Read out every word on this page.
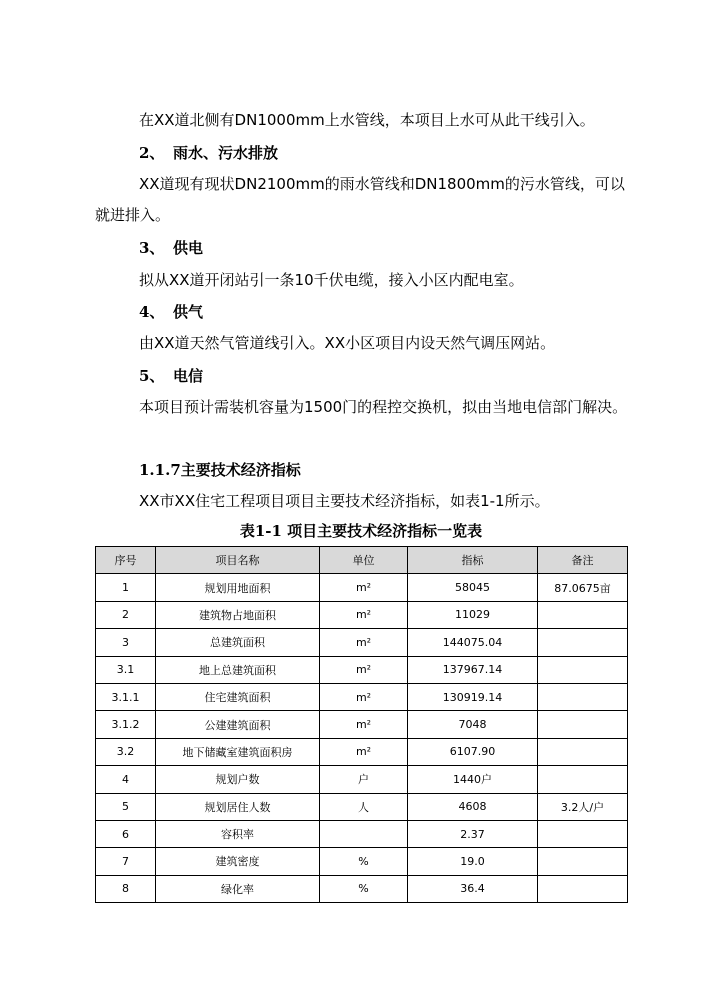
在XX道北侧有DN1000mm上水管线，本项目上水可从此干线引入。

2、 雨水、污水排放

XX道现有现状DN2100mm的雨水管线和DN1800mm的污水管线，可以就进排入。

3、 供电

拟从XX道开闭站引一条10千伏电缆，接入小区内配电室。

4、 供气

由XX道天然气管道线引入。XX小区项目内设天然气调压网站。

5、 电信

本项目预计需装机容量为1500门的程控交换机，拟由当地电信部门解决。

1.1.7主要技术经济指标

XX市XX住宅工程项目项目主要技术经济指标，如表1-1所示。

表1-1 项目主要技术经济指标一览表
序号	项目名称	单位	指标	备注
1	规划用地面积	m²	58045	87.0675亩
2	建筑物占地面积	m²	11029	
3	总建筑面积	m²	144075.04	
3.1	地上总建筑面积	m²	137967.14	
3.1.1	住宅建筑面积	m²	130919.14	
3.1.2	公建建筑面积	m²	7048	
3.2	地下储藏室建筑面积房	m²	6107.90	
4	规划户数	户	1440户	
5	规划居住人数	人	4608	3.2人/户
6	容积率		2.37	
7	建筑密度	%	19.0	
8	绿化率	%	36.4	
